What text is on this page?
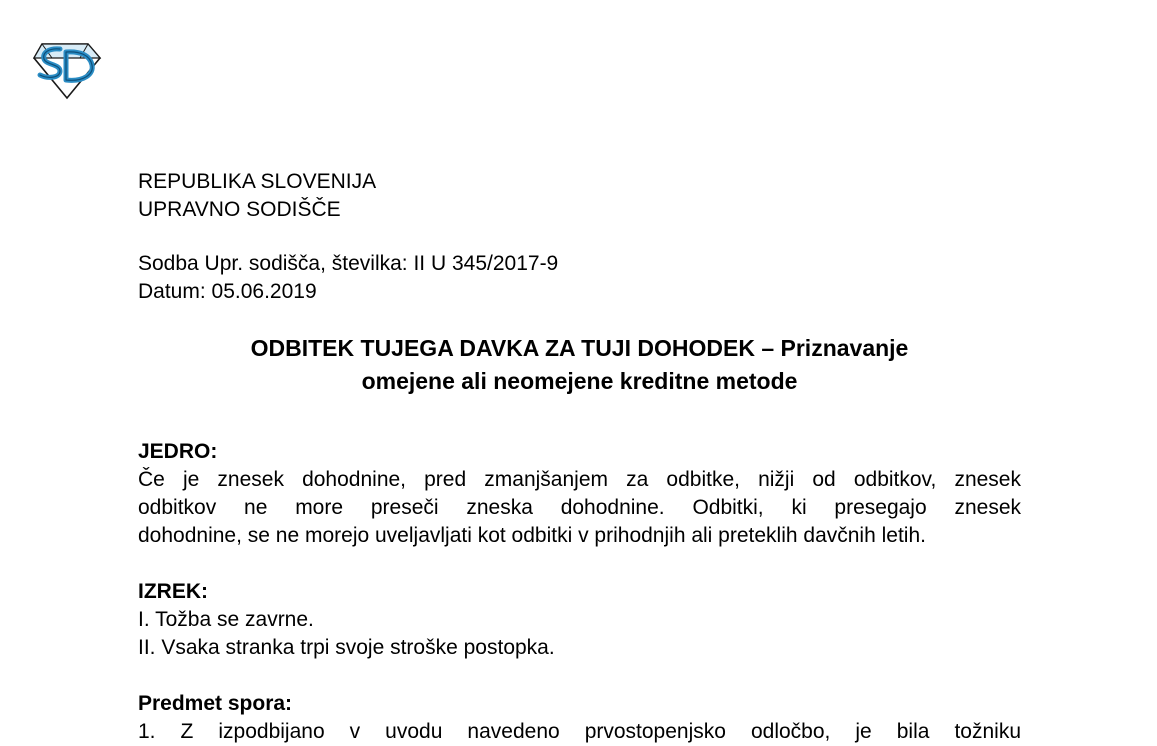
REPUBLIKA SLOVENIJA
UPRAVNO SODIŠČE
Sodba Upr. sodišča, številka: II U 345/2017-9
Datum: 05.06.2019
ODBITEK TUJEGA DAVKA ZA TUJI DOHODEK – Priznavanje
omejene ali neomejene kreditne metode
JEDRO:
Če je znesek dohodnine, pred zmanjšanjem za odbitke, nižji od odbitkov, znesek
odbitkov ne more preseči zneska dohodnine. Odbitki, ki presegajo znesek
dohodnine, se ne morejo uveljavljati kot odbitki v prihodnjih ali preteklih davčnih letih.
IZREK:
I. Tožba se zavrne.
II. Vsaka stranka trpi svoje stroške postopka.
Predmet spora:
1. Z izpodbijano v uvodu navedeno prvostopenjsko odločbo, je bila tožniku
